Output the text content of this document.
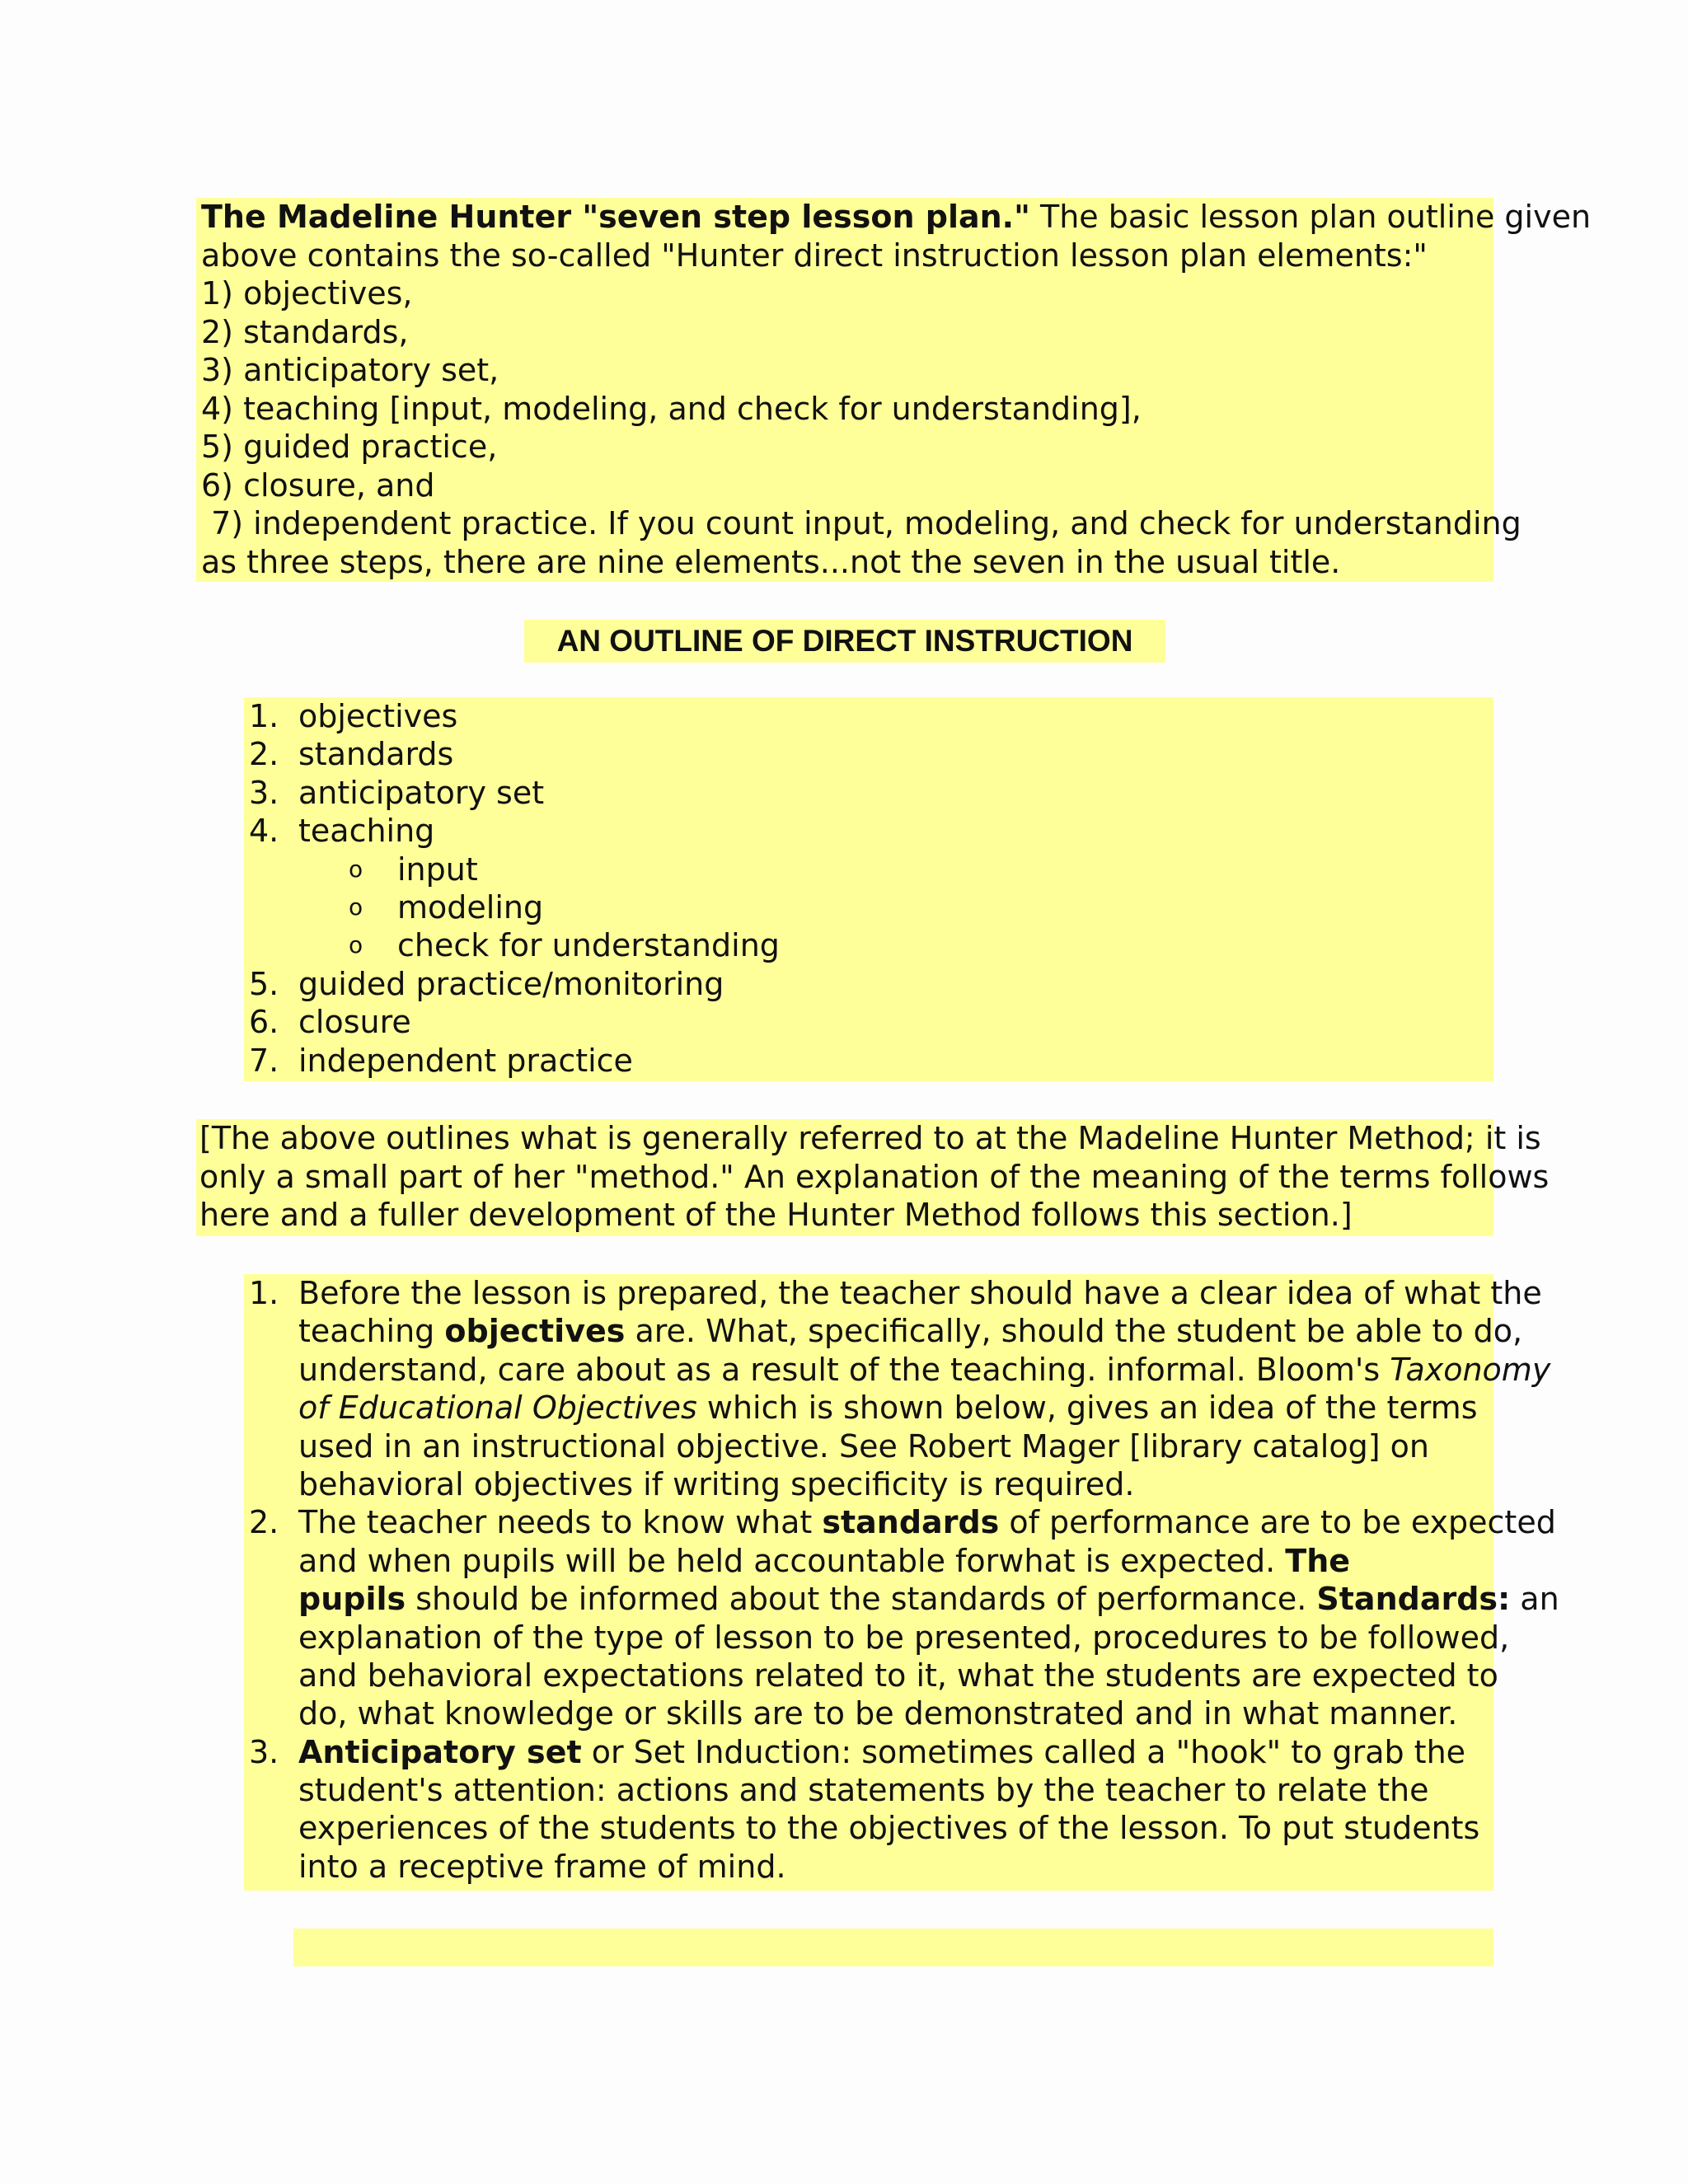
The Madeline Hunter "seven step lesson plan." The basic lesson plan outline given
above contains the so-called "Hunter direct instruction lesson plan elements:"
1) objectives,
2) standards,
3) anticipatory set,
4) teaching [input, modeling, and check for understanding],
5) guided practice,
6) closure, and
7) independent practice. If you count input, modeling, and check for understanding
as three steps, there are nine elements...not the seven in the usual title.
AN OUTLINE OF DIRECT INSTRUCTION
1. objectives
2. standards
3. anticipatory set
4. teaching
o input
o modeling
o check for understanding
5. guided practice/monitoring
6. closure
7. independent practice
[The above outlines what is generally referred to at the Madeline Hunter Method; it is
only a small part of her "method." An explanation of the meaning of the terms follows
here and a fuller development of the Hunter Method follows this section.]
1. Before the lesson is prepared, the teacher should have a clear idea of what the
teaching objectives are. What, specifically, should the student be able to do,
understand, care about as a result of the teaching. informal. Bloom's Taxonomy
of Educational Objectives which is shown below, gives an idea of the terms
used in an instructional objective. See Robert Mager [library catalog] on
behavioral objectives if writing specificity is required.
2. The teacher needs to know what standards of performance are to be expected
and when pupils will be held accountable forwhat is expected. The
pupils should be informed about the standards of performance. Standards: an
explanation of the type of lesson to be presented, procedures to be followed,
and behavioral expectations related to it, what the students are expected to
do, what knowledge or skills are to be demonstrated and in what manner.
3. Anticipatory set or Set Induction: sometimes called a "hook" to grab the
student's attention: actions and statements by the teacher to relate the
experiences of the students to the objectives of the lesson. To put students
into a receptive frame of mind.
